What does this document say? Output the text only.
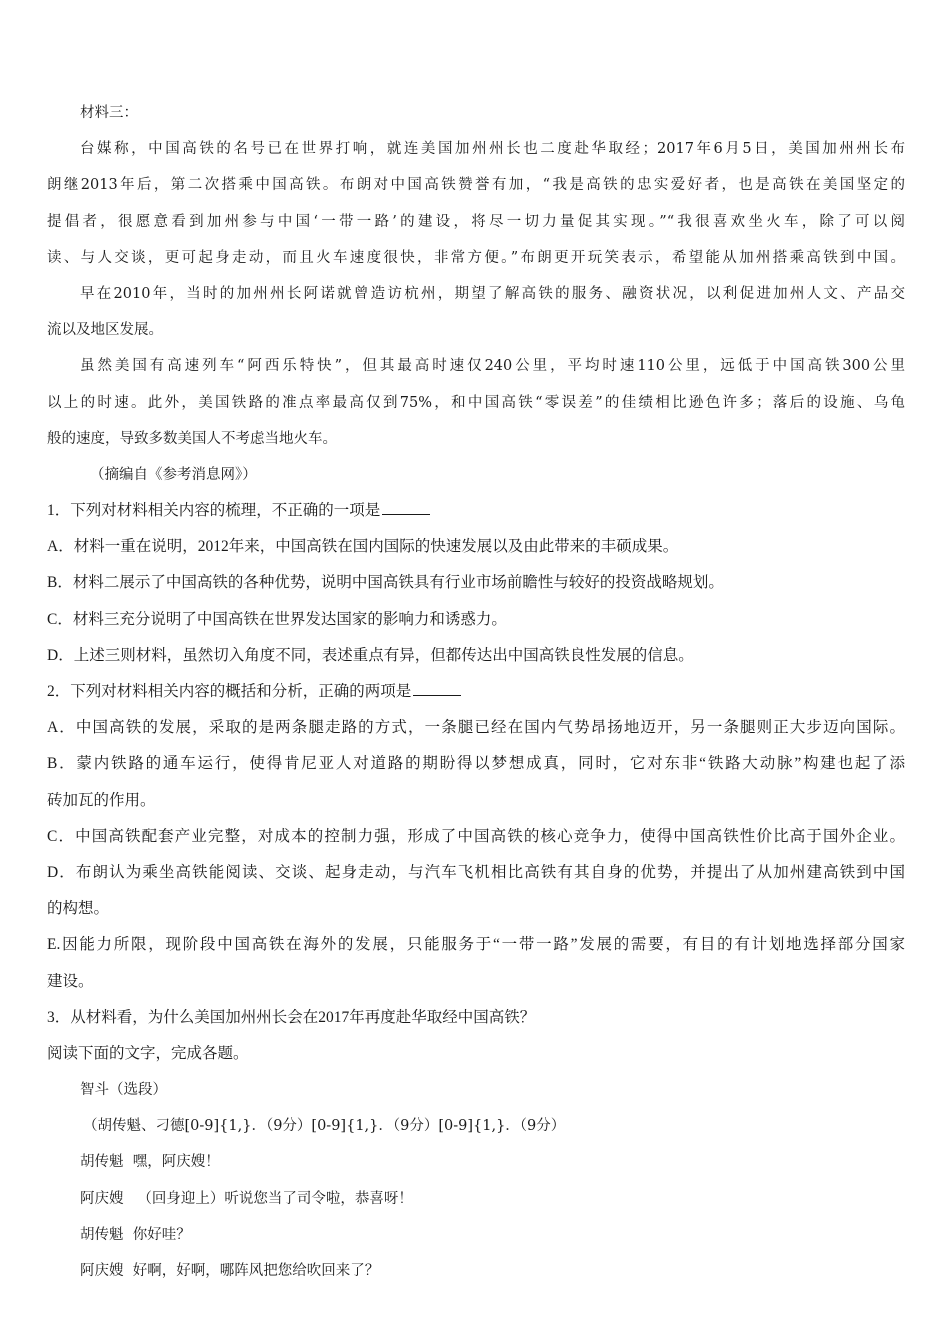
材料三：
台媒称，中国高铁的名号已在世界打响，就连美国加州州长也二度赴华取经；2017年6月5日，美国加州州长布
朗继2013年后，第二次搭乘中国高铁。布朗对中国高铁赞誉有加，“我是高铁的忠实爱好者，也是高铁在美国坚定的
提倡者，很愿意看到加州参与中国‘一带一路’的建设，将尽一切力量促其实现。”“我很喜欢坐火车，除了可以阅
读、与人交谈，更可起身走动，而且火车速度很快，非常方便。”布朗更开玩笑表示，希望能从加州搭乘高铁到中国。
早在2010年，当时的加州州长阿诺就曾造访杭州，期望了解高铁的服务、融资状况，以利促进加州人文、产品交
流以及地区发展。
虽然美国有高速列车“阿西乐特快”，但其最高时速仅240公里，平均时速110公里，远低于中国高铁300公里
以上的时速。此外，美国铁路的准点率最高仅到75%，和中国高铁“零误差”的佳绩相比逊色许多；落后的设施、乌龟
般的速度，导致多数美国人不考虑当地火车。
（摘编自《参考消息网》）
1．下列对材料相关内容的梳理，不正确的一项是
A．材料一重在说明，2012年来，中国高铁在国内国际的快速发展以及由此带来的丰硕成果。
B．材料二展示了中国高铁的各种优势，说明中国高铁具有行业市场前瞻性与较好的投资战略规划。
C．材料三充分说明了中国高铁在世界发达国家的影响力和诱惑力。
D．上述三则材料，虽然切入角度不同，表述重点有异，但都传达出中国高铁良性发展的信息。
2．下列对材料相关内容的概括和分析，正确的两项是
A．中国高铁的发展，采取的是两条腿走路的方式，一条腿已经在国内气势昂扬地迈开，另一条腿则正大步迈向国际。
B．蒙内铁路的通车运行，使得肯尼亚人对道路的期盼得以梦想成真，同时，它对东非“铁路大动脉”构建也起了添
砖加瓦的作用。
C．中国高铁配套产业完整，对成本的控制力强，形成了中国高铁的核心竞争力，使得中国高铁性价比高于国外企业。
D．布朗认为乘坐高铁能阅读、交谈、起身走动，与汽车飞机相比高铁有其自身的优势，并提出了从加州建高铁到中国
的构想。
E.因能力所限，现阶段中国高铁在海外的发展，只能服务于“一带一路”发展的需要，有目的有计划地选择部分国家
建设。
3．从材料看，为什么美国加州州长会在2017年再度赴华取经中国高铁？
阅读下面的文字，完成各题。
智斗（选段）
（胡传魁、刁德[0-9]{1,}．（9分）[0-9]{1,}．（9分）[0-9]{1,}．（9分）
胡传魁 嘿，阿庆嫂！
阿庆嫂 （回身迎上）听说您当了司令啦，恭喜呀！
胡传魁 你好哇？
阿庆嫂 好啊，好啊，哪阵风把您给吹回来了？
